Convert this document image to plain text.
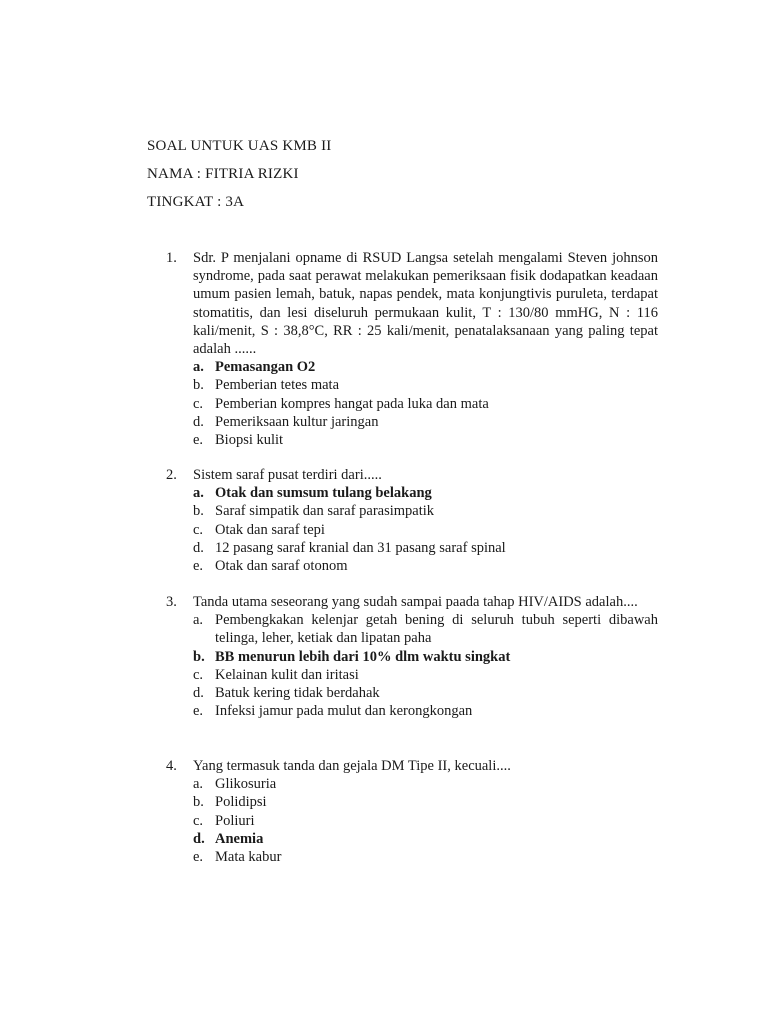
SOAL UNTUK UAS KMB II
NAMA : FITRIA RIZKI
TINGKAT : 3A
1.	Sdr. P menjalani opname di RSUD Langsa setelah mengalami Steven johnson syndrome, pada saat perawat melakukan pemeriksaan fisik dodapatkan keadaan umum pasien lemah, batuk, napas pendek, mata konjungtivis puruleta, terdapat stomatitis, dan lesi diseluruh permukaan kulit, T : 130/80 mmHG, N : 116 kali/menit, S : 38,8°C, RR : 25 kali/menit, penatalaksanaan yang paling tepat adalah ......
a. Pemasangan O2
b. Pemberian tetes mata
c. Pemberian kompres hangat pada luka dan mata
d. Pemeriksaan kultur jaringan
e. Biopsi kulit
2.	Sistem saraf pusat terdiri dari.....
a. Otak dan sumsum tulang belakang
b. Saraf simpatik dan saraf parasimpatik
c. Otak dan saraf tepi
d. 12 pasang saraf kranial dan 31 pasang saraf spinal
e. Otak dan saraf otonom
3.	Tanda utama seseorang yang sudah sampai paada tahap HIV/AIDS adalah....
a. Pembengkakan kelenjar getah bening di seluruh tubuh seperti dibawah telinga, leher, ketiak dan lipatan paha
b. BB menurun lebih dari 10% dlm waktu singkat
c. Kelainan kulit dan iritasi
d. Batuk kering tidak berdahak
e. Infeksi jamur pada mulut dan kerongkongan
4.	Yang termasuk tanda dan gejala DM Tipe II, kecuali....
a. Glikosuria
b. Polidipsi
c. Poliuri
d. Anemia
e. Mata kabur
